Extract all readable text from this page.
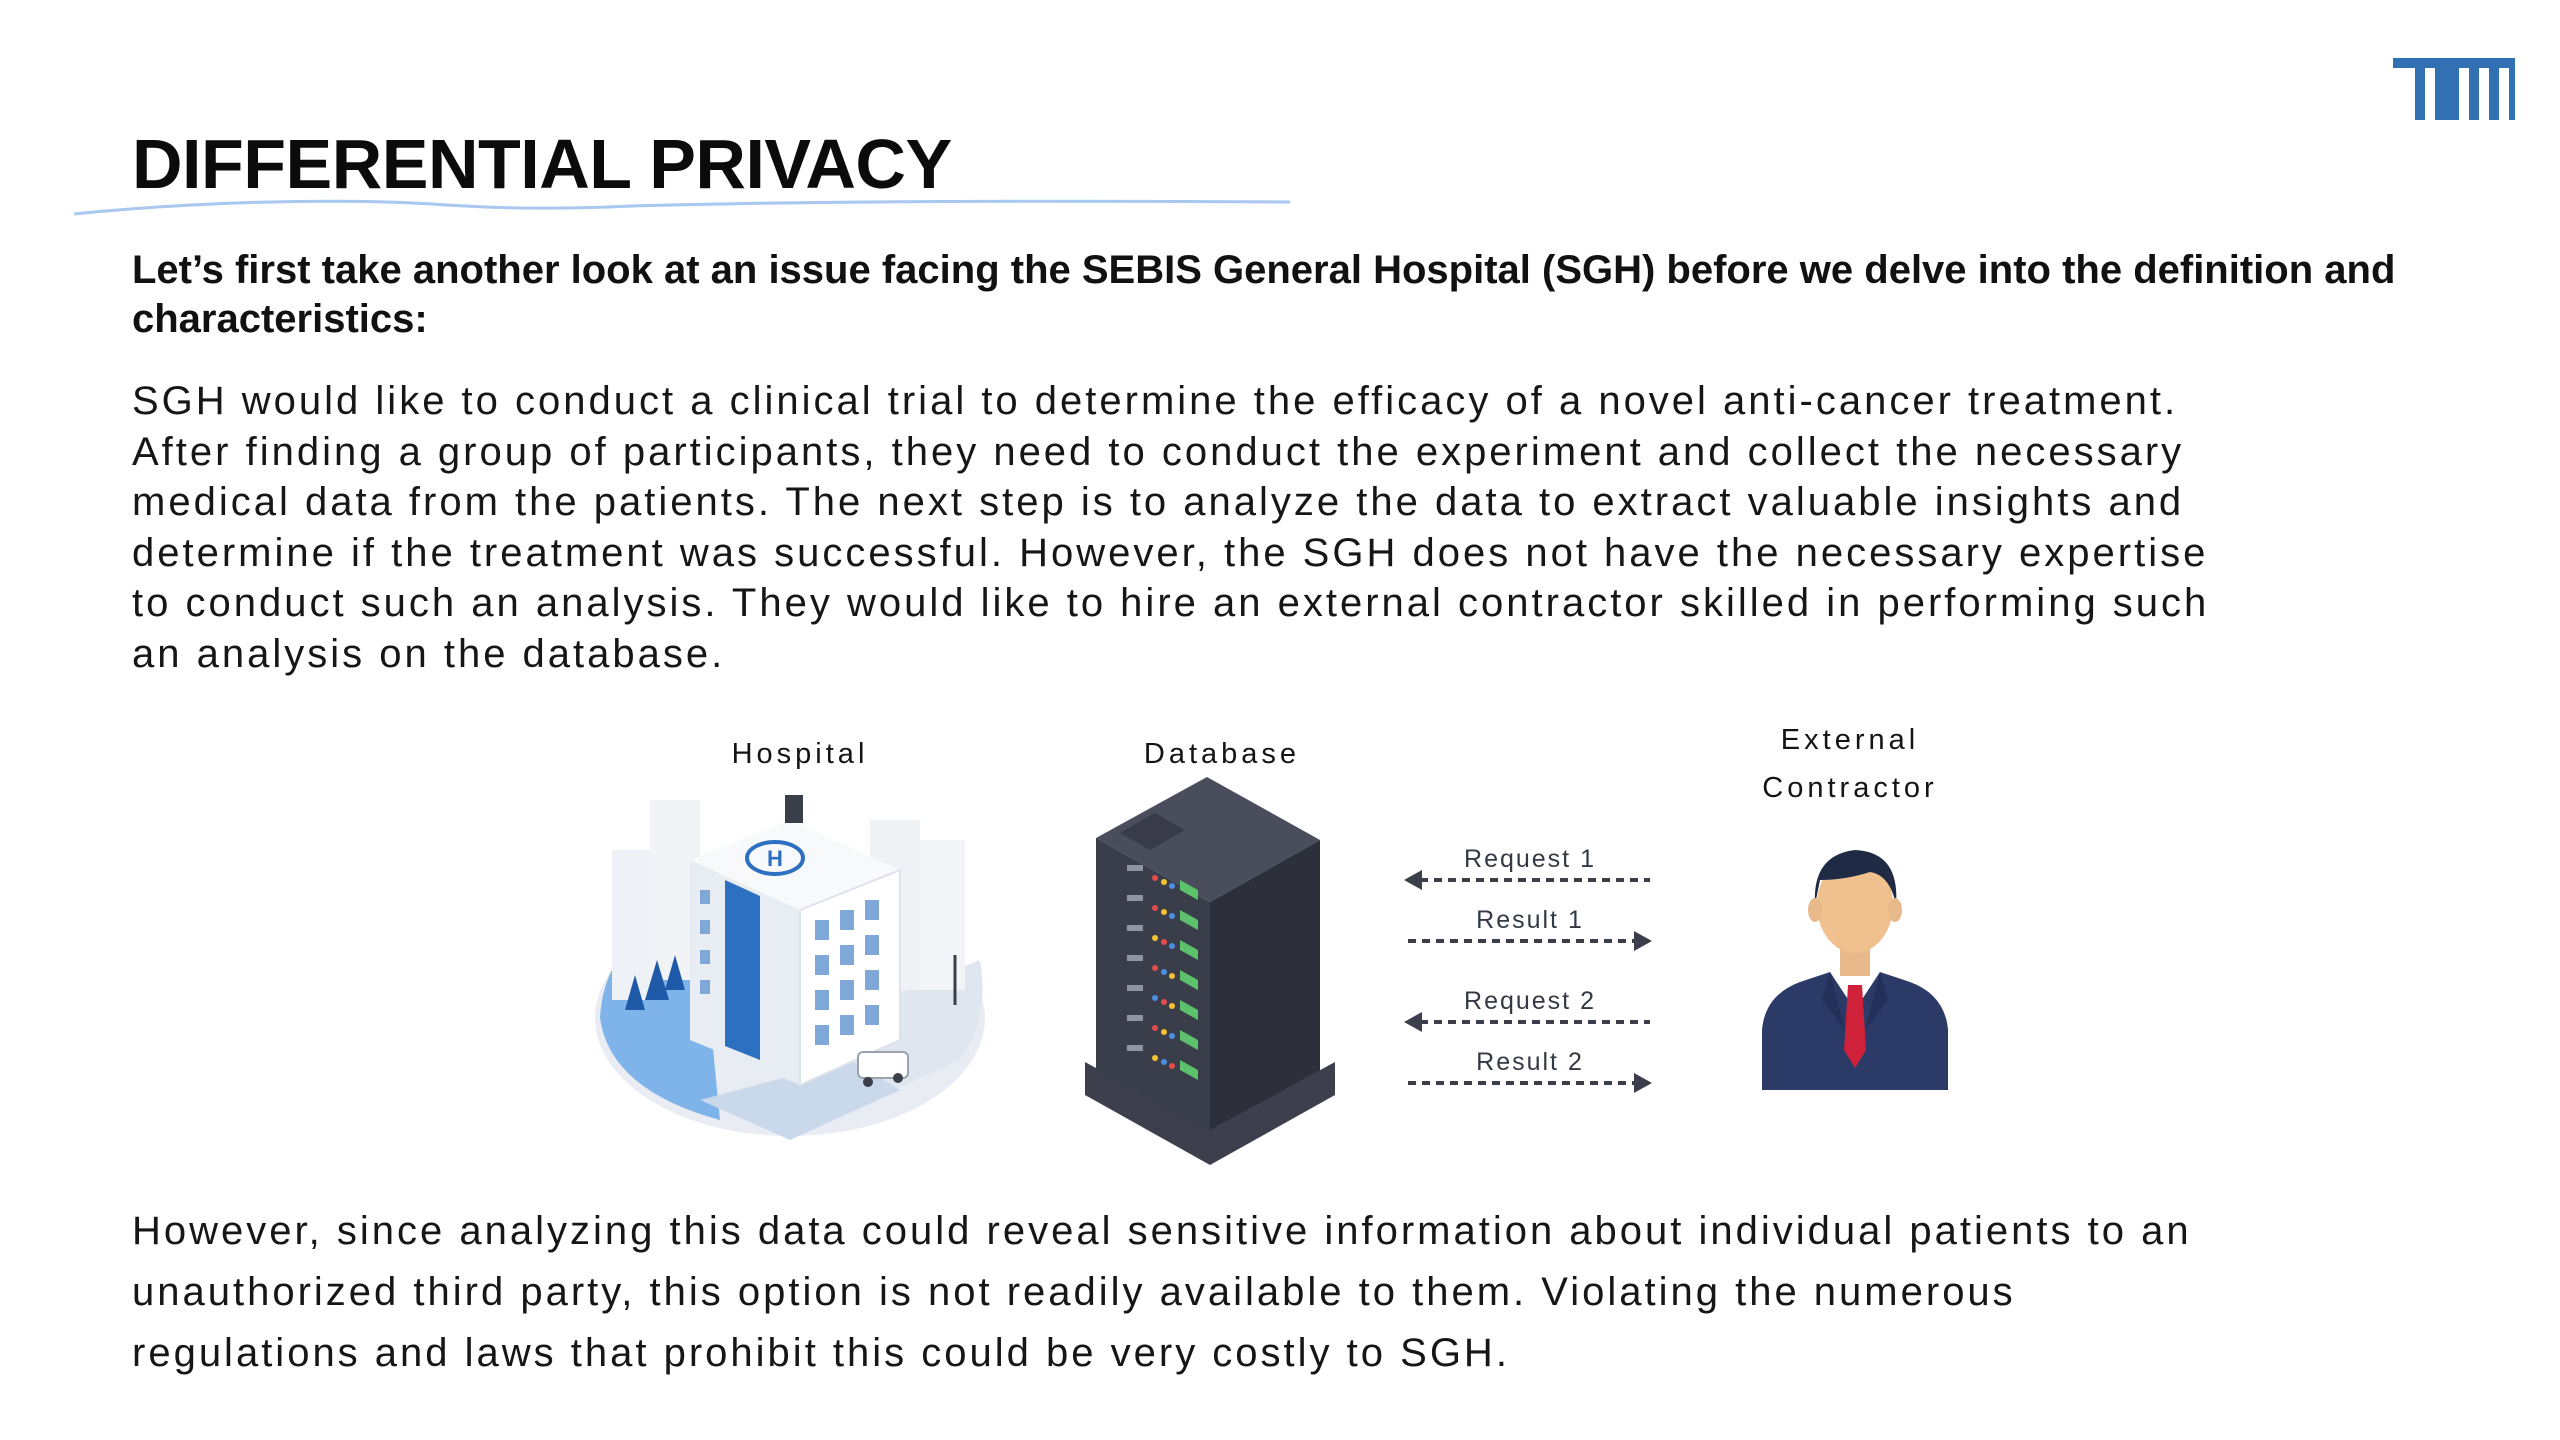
DIFFERENTIAL PRIVACY

Let’s first take another look at an issue facing the SEBIS General Hospital (SGH) before we delve into the definition and characteristics:

SGH would like to conduct a clinical trial to determine the efficacy of a novel anti-cancer treatment.
After finding a group of participants, they need to conduct the experiment and collect the necessary
medical data from the patients. The next step is to analyze the data to extract valuable insights and
determine if the treatment was successful. However, the SGH does not have the necessary expertise
to conduct such an analysis. They would like to hire an external contractor skilled in performing such
an analysis on the database.
Hospital	Database	External
Contractor
H	Request 1
Result 1
Request 2
Result 2
However, since analyzing this data could reveal sensitive information about individual patients to an
unauthorized third party, this option is not readily available to them. Violating the numerous
regulations and laws that prohibit this could be very costly to SGH.
